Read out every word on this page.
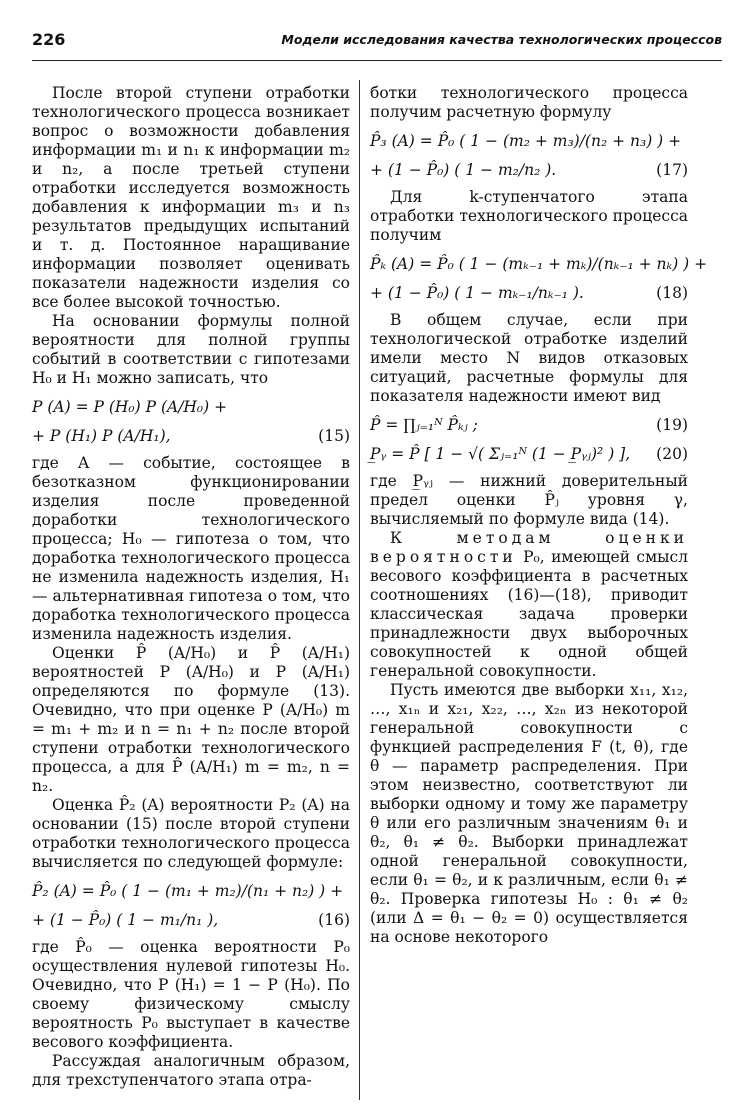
226	Модели исследования качества технологических процессов

После второй ступени отработки технологического процесса возникает вопрос о возможности добавления информации m₁ и n₁ к информации m₂ и n₂, а после третьей ступени отработки исследуется возможность добавления к информации m₃ и n₃ результатов предыдущих испытаний и т. д. Постоянное наращивание информации позволяет оценивать показатели надежности изделия со все более высокой точностью.

На основании формулы полной вероятности для полной группы событий в соответствии с гипотезами H₀ и H₁ можно записать, что

P (A) = P (H₀) P (A/H₀) +
+ P (H₁) P (A/H₁),	(15)

где A — событие, состоящее в безотказном функционировании изделия после проведенной доработки технологического процесса; H₀ — гипотеза о том, что доработка технологического процесса не изменила надежность изделия, H₁ — альтернативная гипотеза о том, что доработка технологического процесса изменила надежность изделия.

Оценки P̂ (A/H₀) и P̂ (A/H₁) вероятностей P (A/H₀) и P (A/H₁) определяются по формуле (13). Очевидно, что при оценке P (A/H₀) m = m₁ + m₂ и n = n₁ + n₂ после второй ступени отработки технологического процесса, а для P̂ (A/H₁) m = m₂, n = n₂.

Оценка P̂₂ (A) вероятности P₂ (A) на основании (15) после второй ступени отработки технологического процесса вычисляется по следующей формуле:

P̂₂ (A) = P̂₀ ( 1 − (m₁ + m₂)/(n₁ + n₂) ) +
+ (1 − P̂₀) ( 1 − m₁/n₁ ),	(16)

где P̂₀ — оценка вероятности P₀ осуществления нулевой гипотезы H₀. Очевидно, что P (H₁) = 1 − P (H₀). По своему физическому смыслу вероятность P₀ выступает в качестве весового коэффициента.

Рассуждая аналогичным образом, для трехступенчатого этапа отра-

ботки технологического процесса получим расчетную формулу

P̂₃ (A) = P̂₀ ( 1 − (m₂ + m₃)/(n₂ + n₃) ) +
+ (1 − P̂₀) ( 1 − m₂/n₂ ).	(17)

Для k-ступенчатого этапа отработки технологического процесса получим

P̂ₖ (A) = P̂₀ ( 1 − (mₖ₋₁ + mₖ)/(nₖ₋₁ + nₖ) ) +
+ (1 − P̂₀) ( 1 − mₖ₋₁/nₖ₋₁ ).	(18)

В общем случае, если при технологической отработке изделий имели место N видов отказовых ситуаций, расчетные формулы для показателя надежности имеют вид

P̂ = ∏ⱼ₌₁ᴺ P̂ₖⱼ ;	(19)
P̲ᵧ = P̂ [ 1 − √( Σⱼ₌₁ᴺ (1 − P̲ᵧⱼ)² ) ], (20)

где P̲ᵧⱼ — нижний доверительный предел оценки P̂ⱼ уровня γ, вычисляемый по формуле вида (14).

К методам оценки вероятности P₀, имеющей смысл весового коэффициента в расчетных соотношениях (16)—(18), приводит классическая задача проверки принадлежности двух выборочных совокупностей к одной общей генеральной совокупности.

Пусть имеются две выборки x₁₁, x₁₂, …, x₁ₙ и x₂₁, x₂₂, …, x₂ₙ из некоторой генеральной совокупности с функцией распределения F (t, θ), где θ — параметр распределения. При этом неизвестно, соответствуют ли выборки одному и тому же параметру θ или его различным значениям θ₁ и θ₂, θ₁ ≠ θ₂. Выборки принадлежат одной генеральной совокупности, если θ₁ = θ₂, и к различным, если θ₁ ≠ θ₂. Проверка гипотезы H₀ : θ₁ ≠ θ₂ (или Δ = θ₁ − θ₂ = 0) осуществляется на основе некоторого
